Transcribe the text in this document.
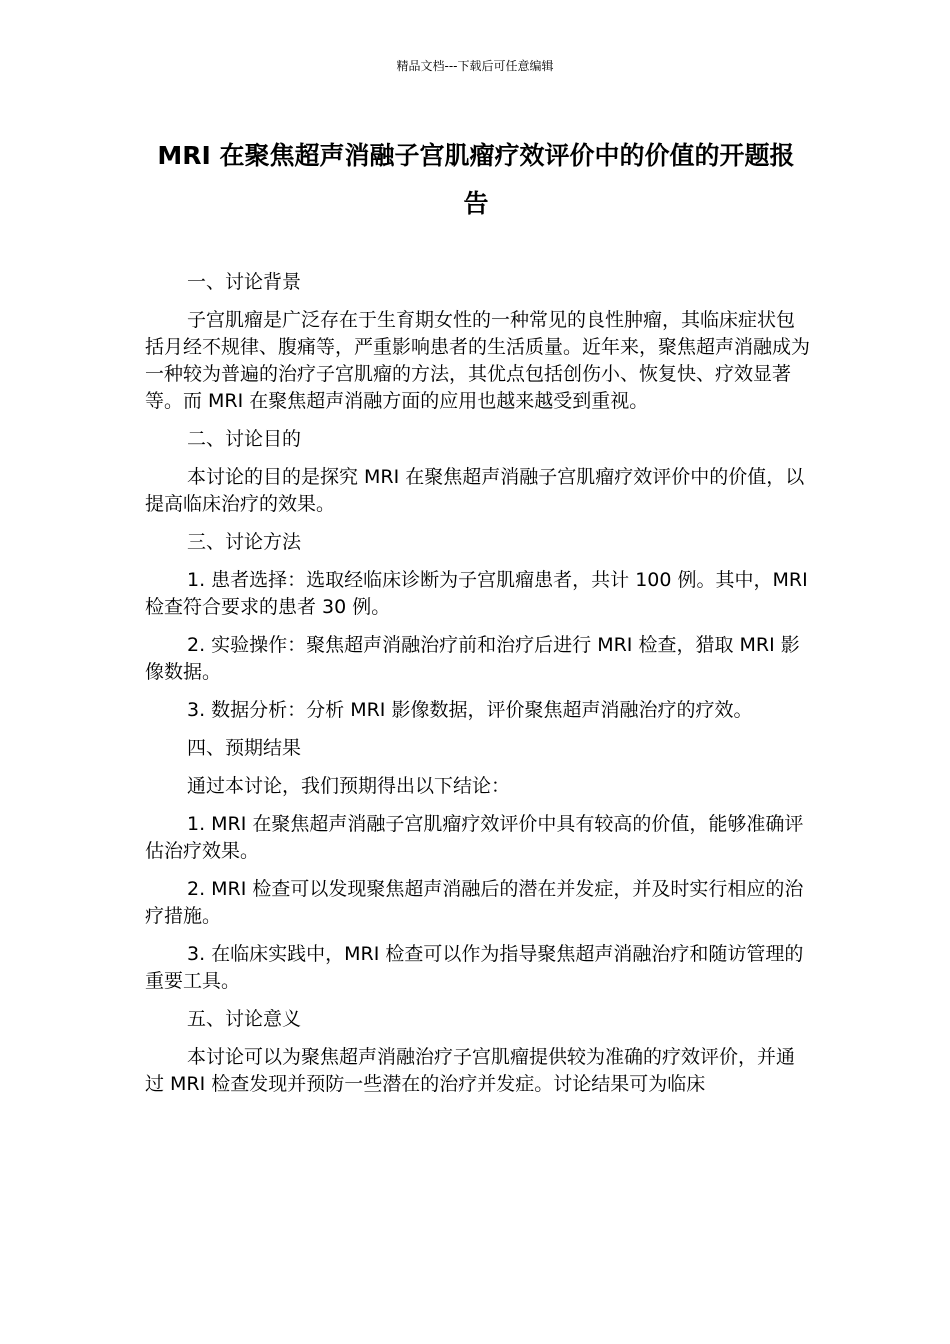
精品文档---下载后可任意编辑
MRI 在聚焦超声消融子宫肌瘤疗效评价中的价值的开题报告

一、讨论背景

子宫肌瘤是广泛存在于生育期女性的一种常见的良性肿瘤，其临床症状包括月经不规律、腹痛等，严重影响患者的生活质量。近年来，聚焦超声消融成为一种较为普遍的治疗子宫肌瘤的方法，其优点包括创伤小、恢复快、疗效显著等。而 MRI 在聚焦超声消融方面的应用也越来越受到重视。

二、讨论目的

本讨论的目的是探究 MRI 在聚焦超声消融子宫肌瘤疗效评价中的价值，以提高临床治疗的效果。

三、讨论方法

1. 患者选择：选取经临床诊断为子宫肌瘤患者，共计 100 例。其中，MRI 检查符合要求的患者 30 例。

2. 实验操作：聚焦超声消融治疗前和治疗后进行 MRI 检查，猎取 MRI 影像数据。

3. 数据分析：分析 MRI 影像数据，评价聚焦超声消融治疗的疗效。

四、预期结果

通过本讨论，我们预期得出以下结论：

1. MRI 在聚焦超声消融子宫肌瘤疗效评价中具有较高的价值，能够准确评估治疗效果。

2. MRI 检查可以发现聚焦超声消融后的潜在并发症，并及时实行相应的治疗措施。

3. 在临床实践中，MRI 检查可以作为指导聚焦超声消融治疗和随访管理的重要工具。

五、讨论意义

本讨论可以为聚焦超声消融治疗子宫肌瘤提供较为准确的疗效评价，并通过 MRI 检查发现并预防一些潜在的治疗并发症。讨论结果可为临床
